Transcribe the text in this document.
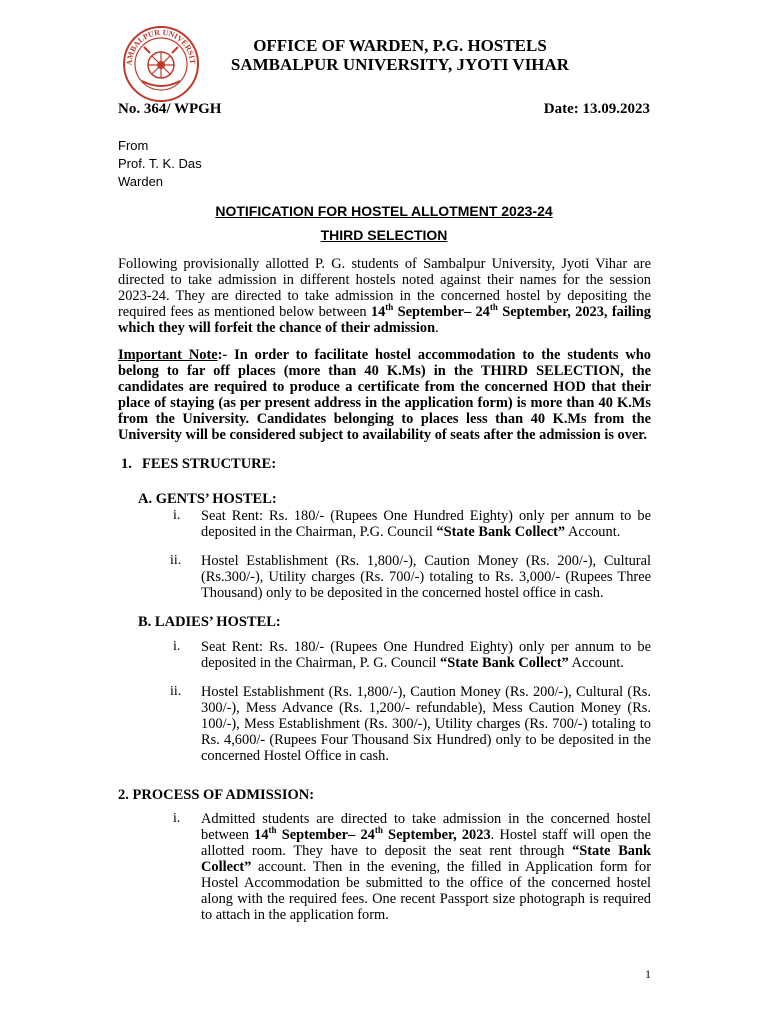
AMBALPUR UNIVERSIT
OFFICE OF WARDEN, P.G. HOSTELS
SAMBALPUR UNIVERSITY, JYOTI VIHAR
No. 364/ WPGH	Date: 13.09.2023
From
Prof. T. K. Das
Warden
NOTIFICATION FOR HOSTEL ALLOTMENT 2023-24
THIRD SELECTION
Following provisionally allotted P. G. students of Sambalpur University, Jyoti Vihar are directed to take admission in different hostels noted against their names for the session 2023-24. They are directed to take admission in the concerned hostel by depositing the required fees as mentioned below between 14th September– 24th September, 2023, failing which they will forfeit the chance of their admission.
Important Note:- In order to facilitate hostel accommodation to the students who belong to far off places (more than 40 K.Ms) in the THIRD SELECTION, the candidates are required to produce a certificate from the concerned HOD that their place of staying (as per present address in the application form) is more than 40 K.Ms from the University. Candidates belonging to places less than 40 K.Ms from the University will be considered subject to availability of seats after the admission is over.
1. FEES STRUCTURE:
A. GENTS’ HOSTEL:
i. Seat Rent: Rs. 180/- (Rupees One Hundred Eighty) only per annum to be deposited in the Chairman, P.G. Council “State Bank Collect” Account.
ii. Hostel Establishment (Rs. 1,800/-), Caution Money (Rs. 200/-), Cultural (Rs.300/-), Utility charges (Rs. 700/-) totaling to Rs. 3,000/- (Rupees Three Thousand) only to be deposited in the concerned hostel office in cash.
B. LADIES’ HOSTEL:
i. Seat Rent: Rs. 180/- (Rupees One Hundred Eighty) only per annum to be deposited in the Chairman, P. G. Council “State Bank Collect” Account.
ii. Hostel Establishment (Rs. 1,800/-), Caution Money (Rs. 200/-), Cultural (Rs. 300/-), Mess Advance (Rs. 1,200/- refundable), Mess Caution Money (Rs. 100/-), Mess Establishment (Rs. 300/-), Utility charges (Rs. 700/-) totaling to Rs. 4,600/- (Rupees Four Thousand Six Hundred) only to be deposited in the concerned Hostel Office in cash.
2. PROCESS OF ADMISSION:
i. Admitted students are directed to take admission in the concerned hostel between 14th September– 24th September, 2023. Hostel staff will open the allotted room. They have to deposit the seat rent through “State Bank Collect” account. Then in the evening, the filled in Application form for Hostel Accommodation be submitted to the office of the concerned hostel along with the required fees. One recent Passport size photograph is required to attach in the application form.
1
